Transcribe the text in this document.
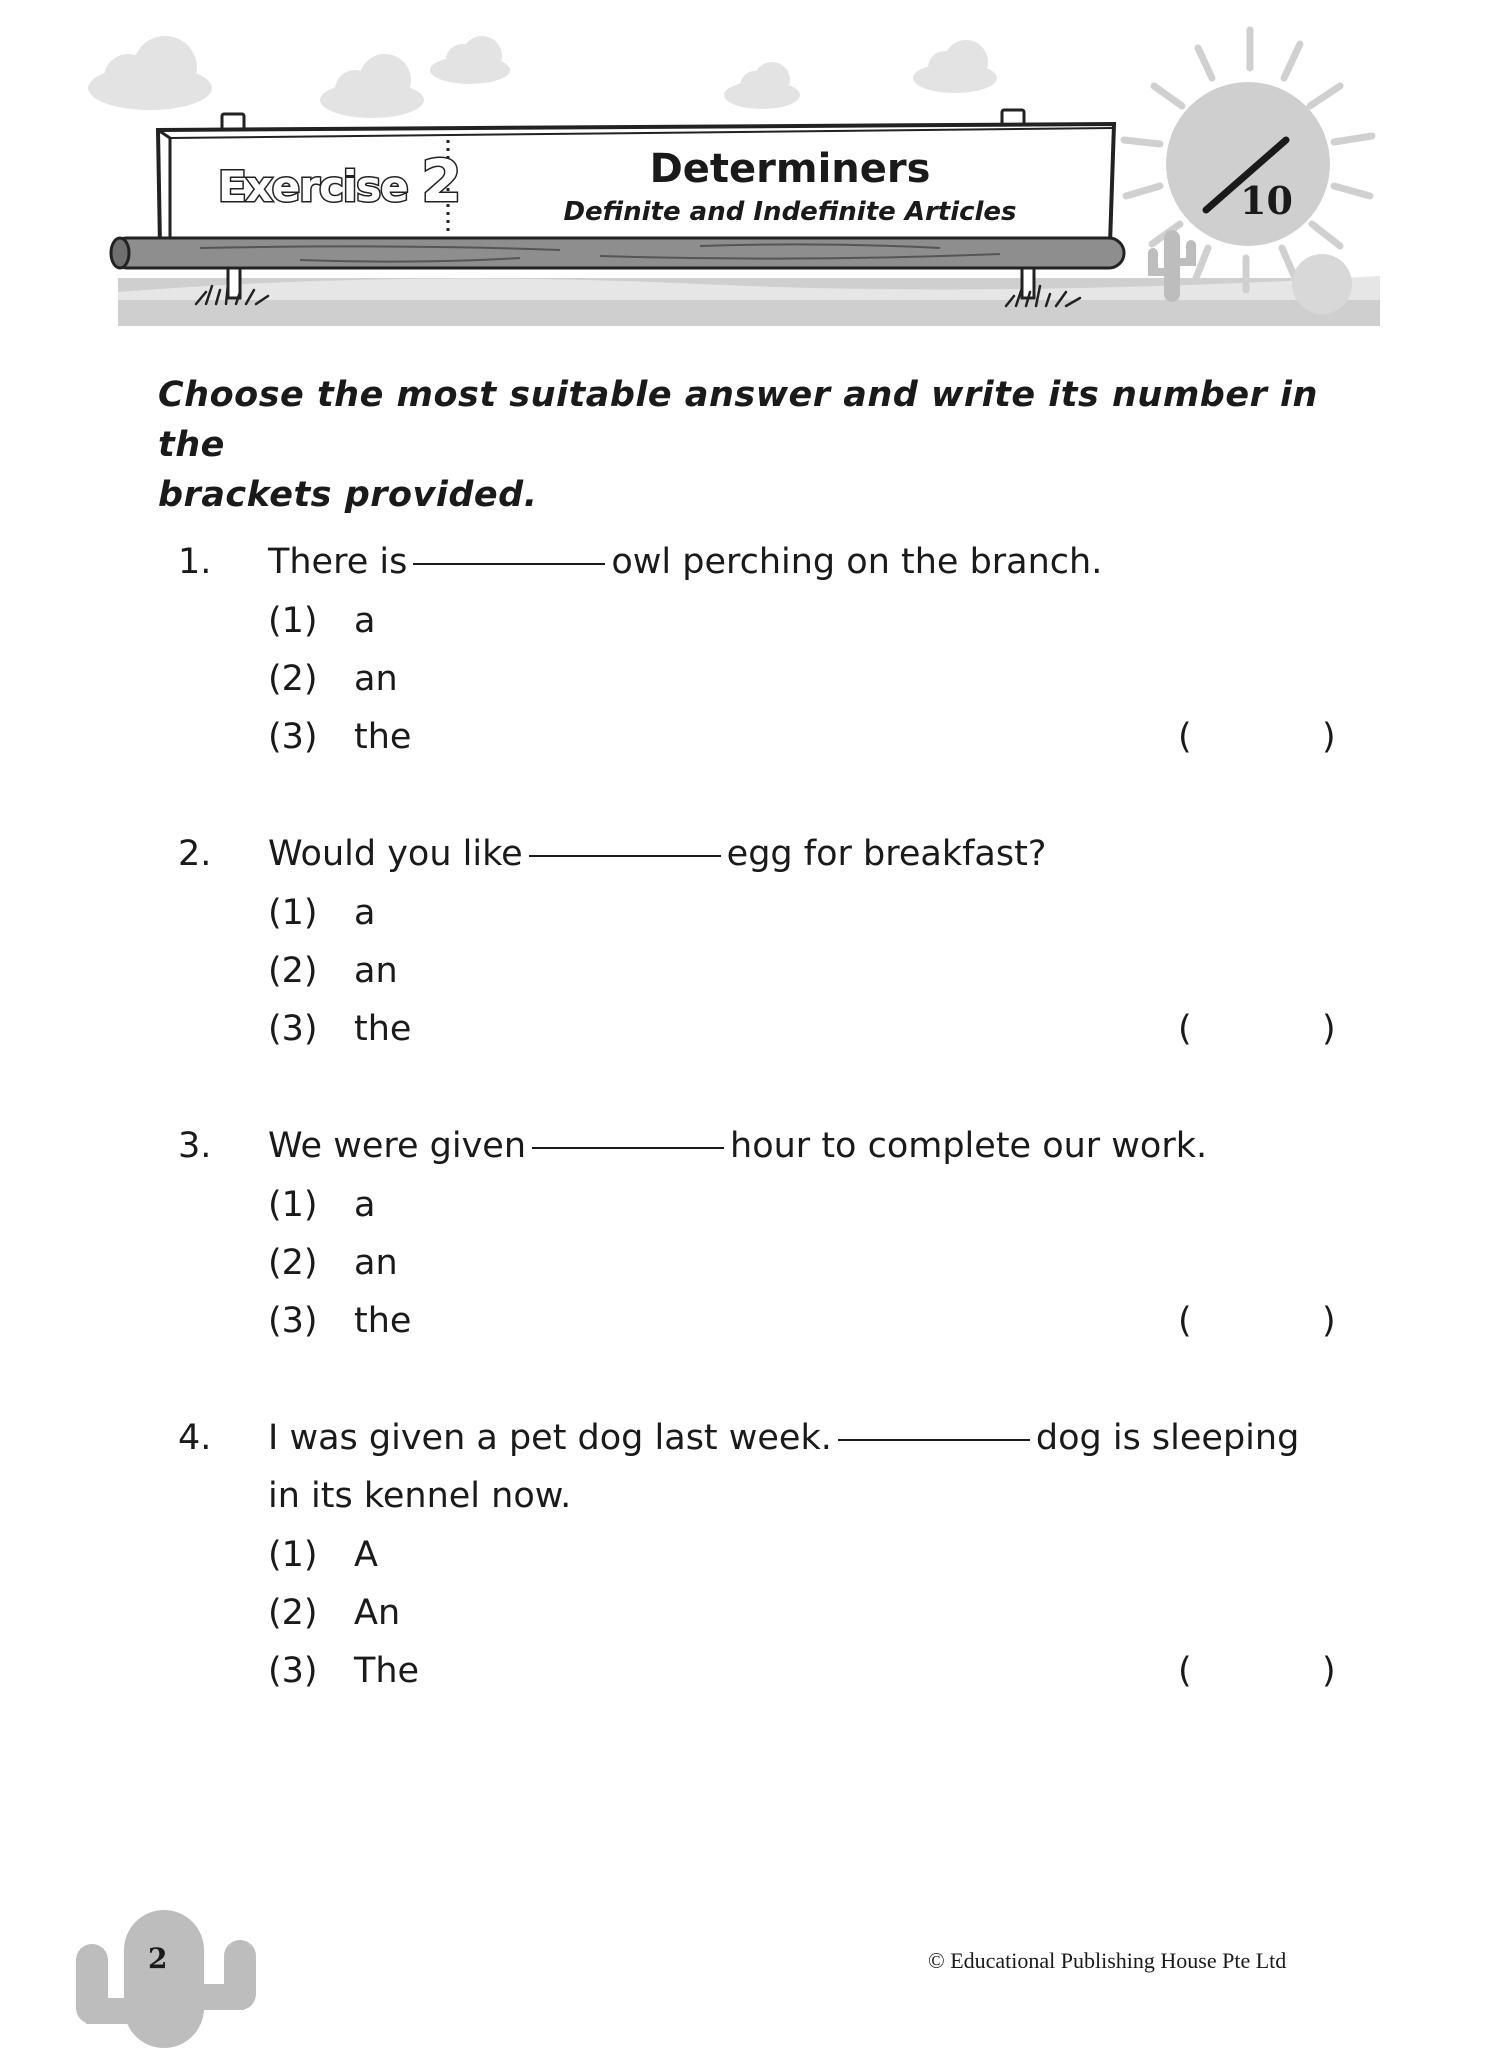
Exercise 2	Determiners
Definite and Indefinite Articles	10
Choose the most suitable answer and write its number in the
brackets provided.
1. There is	owl perching on the branch.
(1) a
(2) an
(3) the	(	)
2. Would you like	egg for breakfast?
(1) a
(2) an
(3) the	(	)
3. We were given	hour to complete our work.
(1) a
(2) an
(3) the	(	)
4. I was given a pet dog last week.	dog is sleeping
in its kennel now.
(1) A
(2) An
(3) The	(	)
2	© Educational Publishing House Pte Ltd
